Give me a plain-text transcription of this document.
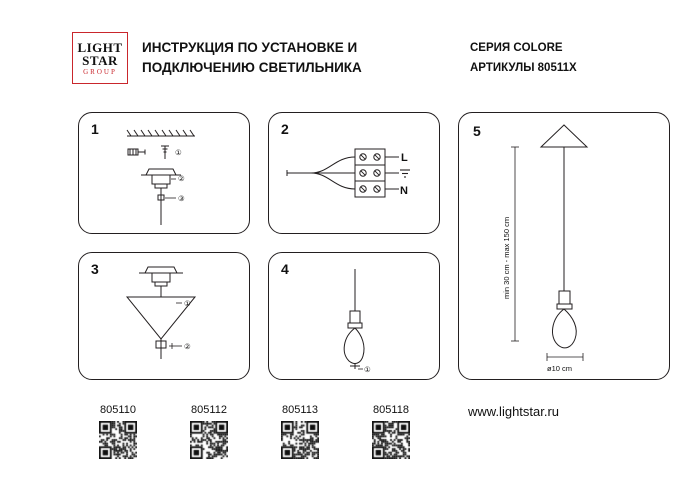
LIGHT
STAR
GROUP
ИНСТРУКЦИЯ ПО УСТАНОВКЕ И
ПОДКЛЮЧЕНИЮ СВЕТИЛЬНИКА
СЕРИЯ COLORE
АРТИКУЛЫ 80511X
1
①
②
③
2
L
N
3
①
②
4
①
5
min 30 cm - max 150 cm
ø10 cm
805110	805112	805113	805118	www.lightstar.ru
